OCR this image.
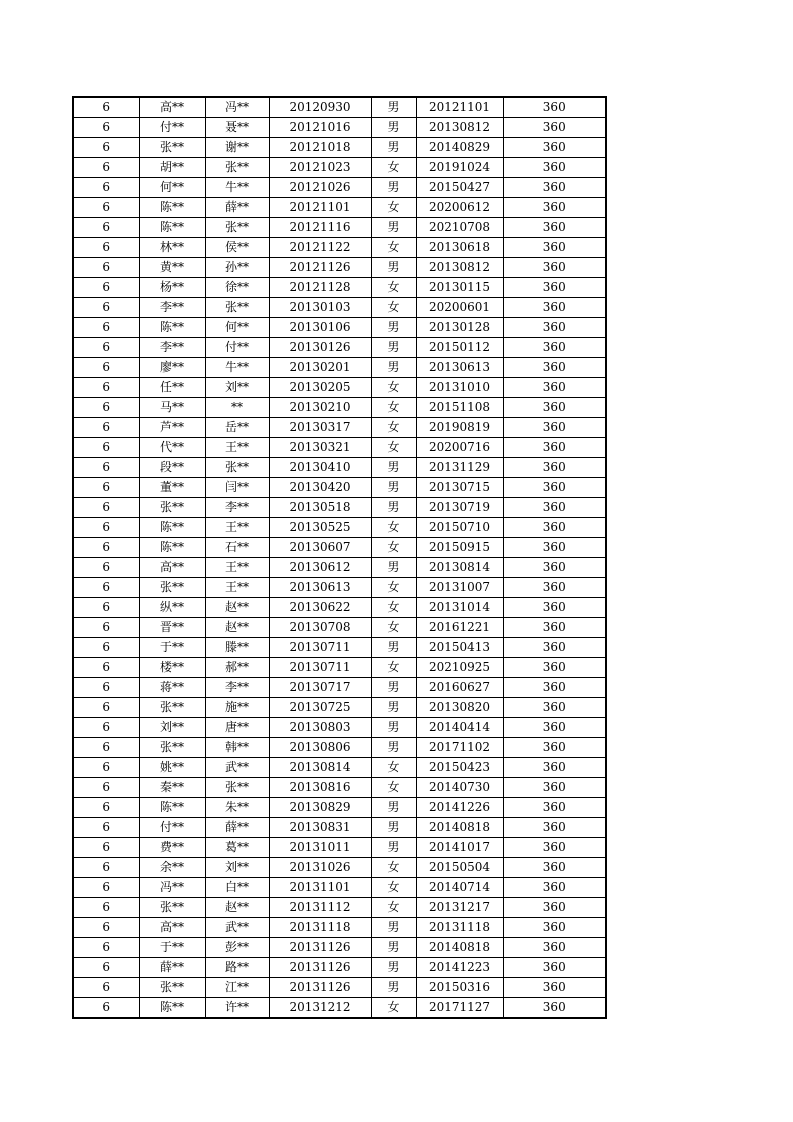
6	高**	冯**	20120930	男	20121101	360
6	付**	聂**	20121016	男	20130812	360
6	张**	谢**	20121018	男	20140829	360
6	胡**	张**	20121023	女	20191024	360
6	何**	牛**	20121026	男	20150427	360
6	陈**	薛**	20121101	女	20200612	360
6	陈**	张**	20121116	男	20210708	360
6	林**	侯**	20121122	女	20130618	360
6	黄**	孙**	20121126	男	20130812	360
6	杨**	徐**	20121128	女	20130115	360
6	李**	张**	20130103	女	20200601	360
6	陈**	何**	20130106	男	20130128	360
6	李**	付**	20130126	男	20150112	360
6	廖**	牛**	20130201	男	20130613	360
6	任**	刘**	20130205	女	20131010	360
6	马**	**	20130210	女	20151108	360
6	芦**	岳**	20130317	女	20190819	360
6	代**	王**	20130321	女	20200716	360
6	段**	张**	20130410	男	20131129	360
6	董**	闫**	20130420	男	20130715	360
6	张**	李**	20130518	男	20130719	360
6	陈**	王**	20130525	女	20150710	360
6	陈**	石**	20130607	女	20150915	360
6	高**	王**	20130612	男	20130814	360
6	张**	王**	20130613	女	20131007	360
6	纵**	赵**	20130622	女	20131014	360
6	晋**	赵**	20130708	女	20161221	360
6	于**	滕**	20130711	男	20150413	360
6	楼**	郝**	20130711	女	20210925	360
6	蒋**	李**	20130717	男	20160627	360
6	张**	施**	20130725	男	20130820	360
6	刘**	唐**	20130803	男	20140414	360
6	张**	韩**	20130806	男	20171102	360
6	姚**	武**	20130814	女	20150423	360
6	秦**	张**	20130816	女	20140730	360
6	陈**	朱**	20130829	男	20141226	360
6	付**	薛**	20130831	男	20140818	360
6	费**	葛**	20131011	男	20141017	360
6	余**	刘**	20131026	女	20150504	360
6	冯**	白**	20131101	女	20140714	360
6	张**	赵**	20131112	女	20131217	360
6	高**	武**	20131118	男	20131118	360
6	于**	彭**	20131126	男	20140818	360
6	薛**	路**	20131126	男	20141223	360
6	张**	江**	20131126	男	20150316	360
6	陈**	许**	20131212	女	20171127	360
